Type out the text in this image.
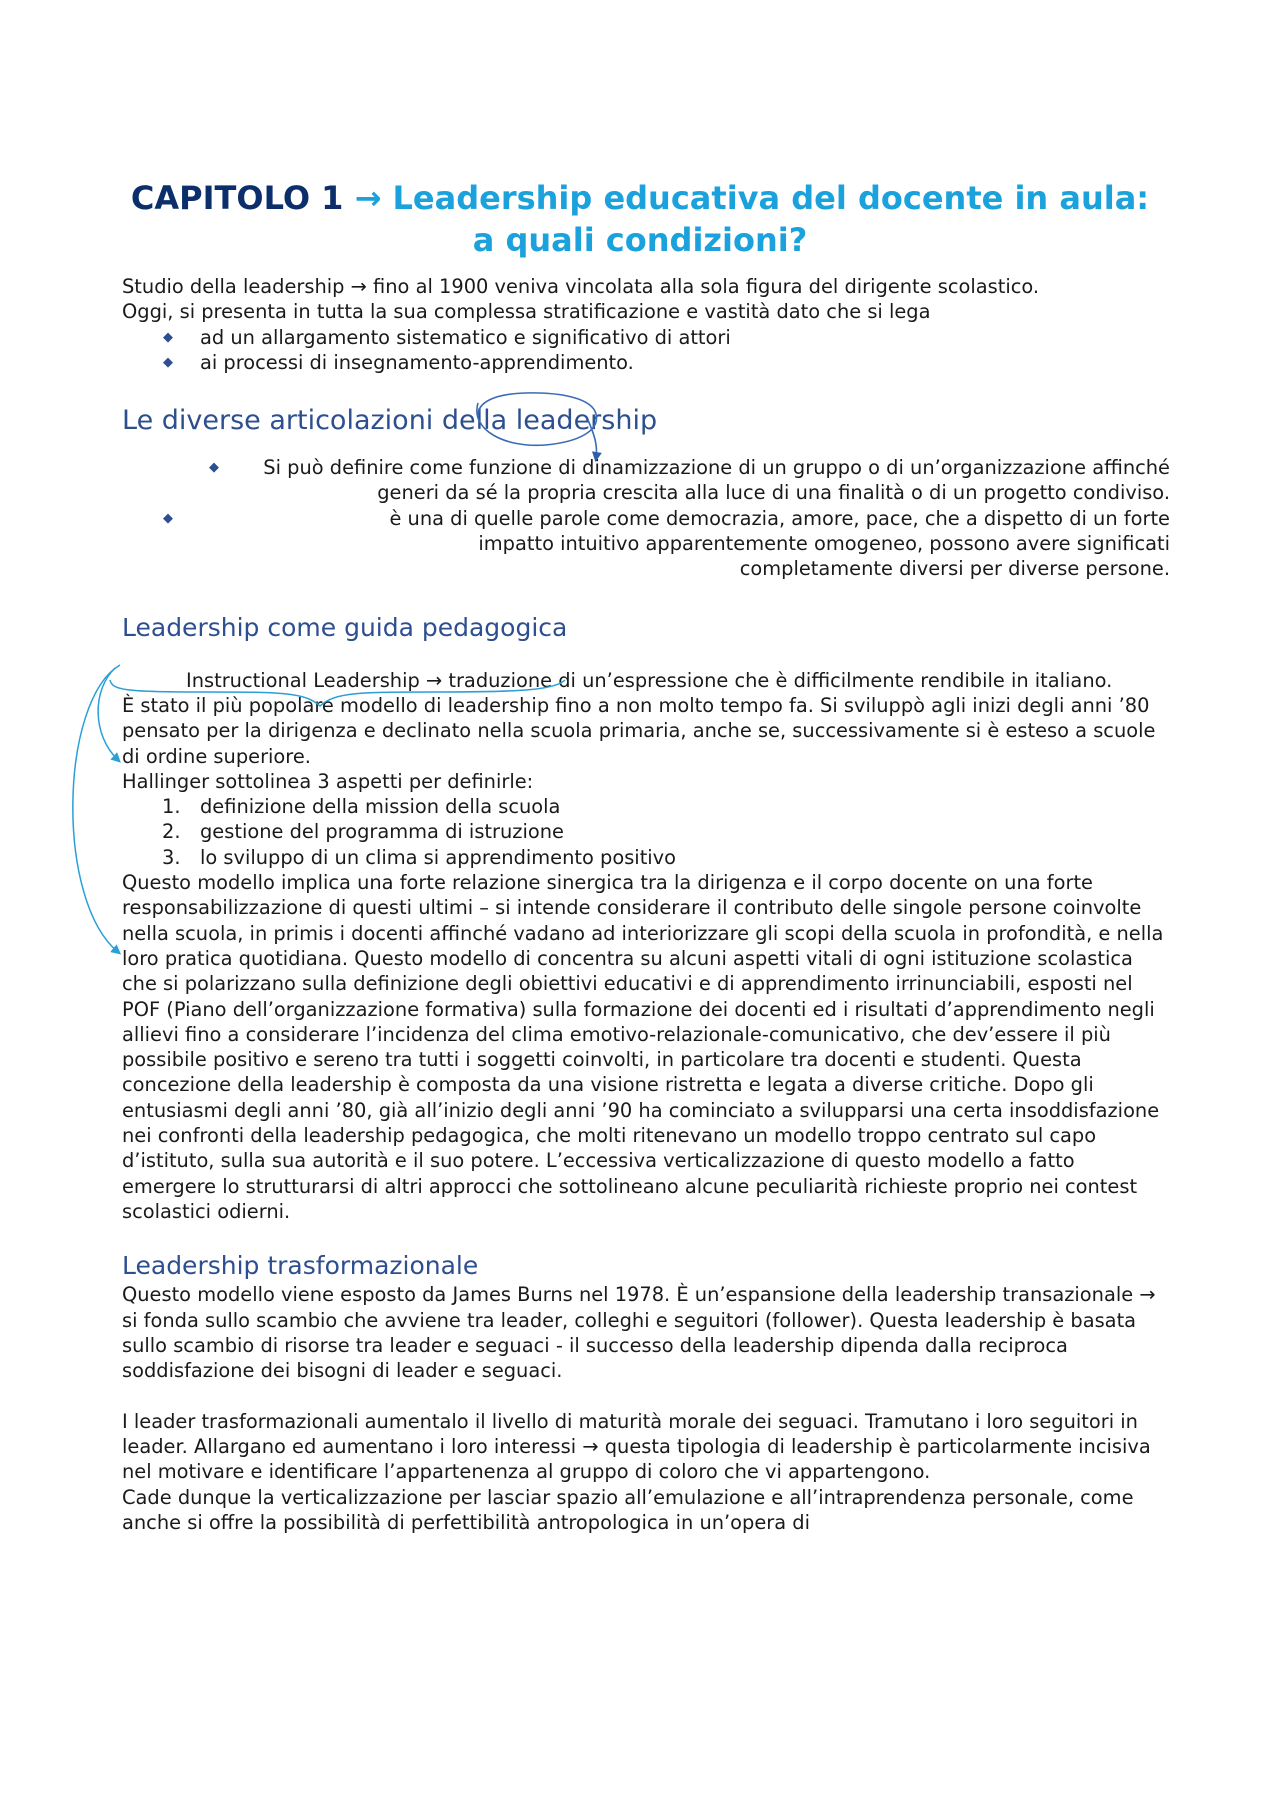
CAPITOLO 1 → Leadership educativa del docente in aula: a quali condizioni?

Studio della leadership → fino al 1900 veniva vincolata alla sola figura del dirigente scolastico.

Oggi, si presenta in tutta la sua complessa stratificazione e vastità dato che si lega

◆ ad un allargamento sistematico e significativo di attori
◆ ai processi di insegnamento-apprendimento.
Le diverse articolazioni della leadership
◆ Si può definire come funzione di dinamizzazione di un gruppo o di un’organizzazione affinché generi da sé la propria crescita alla luce di una finalità o di un progetto condiviso.
◆	è una di quelle parole come democrazia, amore, pace, che a dispetto di un forte impatto intuitivo apparentemente omogeneo, possono avere significati completamente diversi per diverse persone.
Leadership come guida pedagogica

Instructional Leadership → traduzione di un’espressione che è difficilmente rendibile in italiano.

È stato il più popolare modello di leadership fino a non molto tempo fa. Si sviluppò agli inizi degli anni ’80 pensato per la dirigenza e declinato nella scuola primaria, anche se, successivamente si è esteso a scuole di ordine superiore.

Hallinger sottolinea 3 aspetti per definirle:

1. definizione della mission della scuola
2. gestione del programma di istruzione
3. lo sviluppo di un clima si apprendimento positivo

Questo modello implica una forte relazione sinergica tra la dirigenza e il corpo docente on una forte responsabilizzazione di questi ultimi – si intende considerare il contributo delle singole persone coinvolte nella scuola, in primis i docenti affinché vadano ad interiorizzare gli scopi della scuola in profondità, e nella loro pratica quotidiana. Questo modello di concentra su alcuni aspetti vitali di ogni istituzione scolastica che si polarizzano sulla definizione degli obiettivi educativi e di apprendimento irrinunciabili, esposti nel POF (Piano dell’organizzazione formativa) sulla formazione dei docenti ed i risultati d’apprendimento negli allievi fino a considerare l’incidenza del clima emotivo-relazionale-comunicativo, che dev’essere il più possibile positivo e sereno tra tutti i soggetti coinvolti, in particolare tra docenti e studenti. Questa concezione della leadership è composta da una visione ristretta e legata a diverse critiche. Dopo gli entusiasmi degli anni ’80, già all’inizio degli anni ’90 ha cominciato a svilupparsi una certa insoddisfazione nei confronti della leadership pedagogica, che molti ritenevano un modello troppo centrato sul capo d’istituto, sulla sua autorità e il suo potere. L’eccessiva verticalizzazione di questo modello a fatto emergere lo strutturarsi di altri approcci che sottolineano alcune peculiarità richieste proprio nei contest scolastici odierni.

Leadership trasformazionale

Questo modello viene esposto da James Burns nel 1978. È un’espansione della leadership transazionale → si fonda sullo scambio che avviene tra leader, colleghi e seguitori (follower). Questa leadership è basata sullo scambio di risorse tra leader e seguaci - il successo della leadership dipenda dalla reciproca soddisfazione dei bisogni di leader e seguaci.

I leader trasformazionali aumentalo il livello di maturità morale dei seguaci. Tramutano i loro seguitori in leader. Allargano ed aumentano i loro interessi → questa tipologia di leadership è particolarmente incisiva nel motivare e identificare l’appartenenza al gruppo di coloro che vi appartengono.

Cade dunque la verticalizzazione per lasciar spazio all’emulazione e all’intraprendenza personale, come anche si offre la possibilità di perfettibilità antropologica in un’opera di
